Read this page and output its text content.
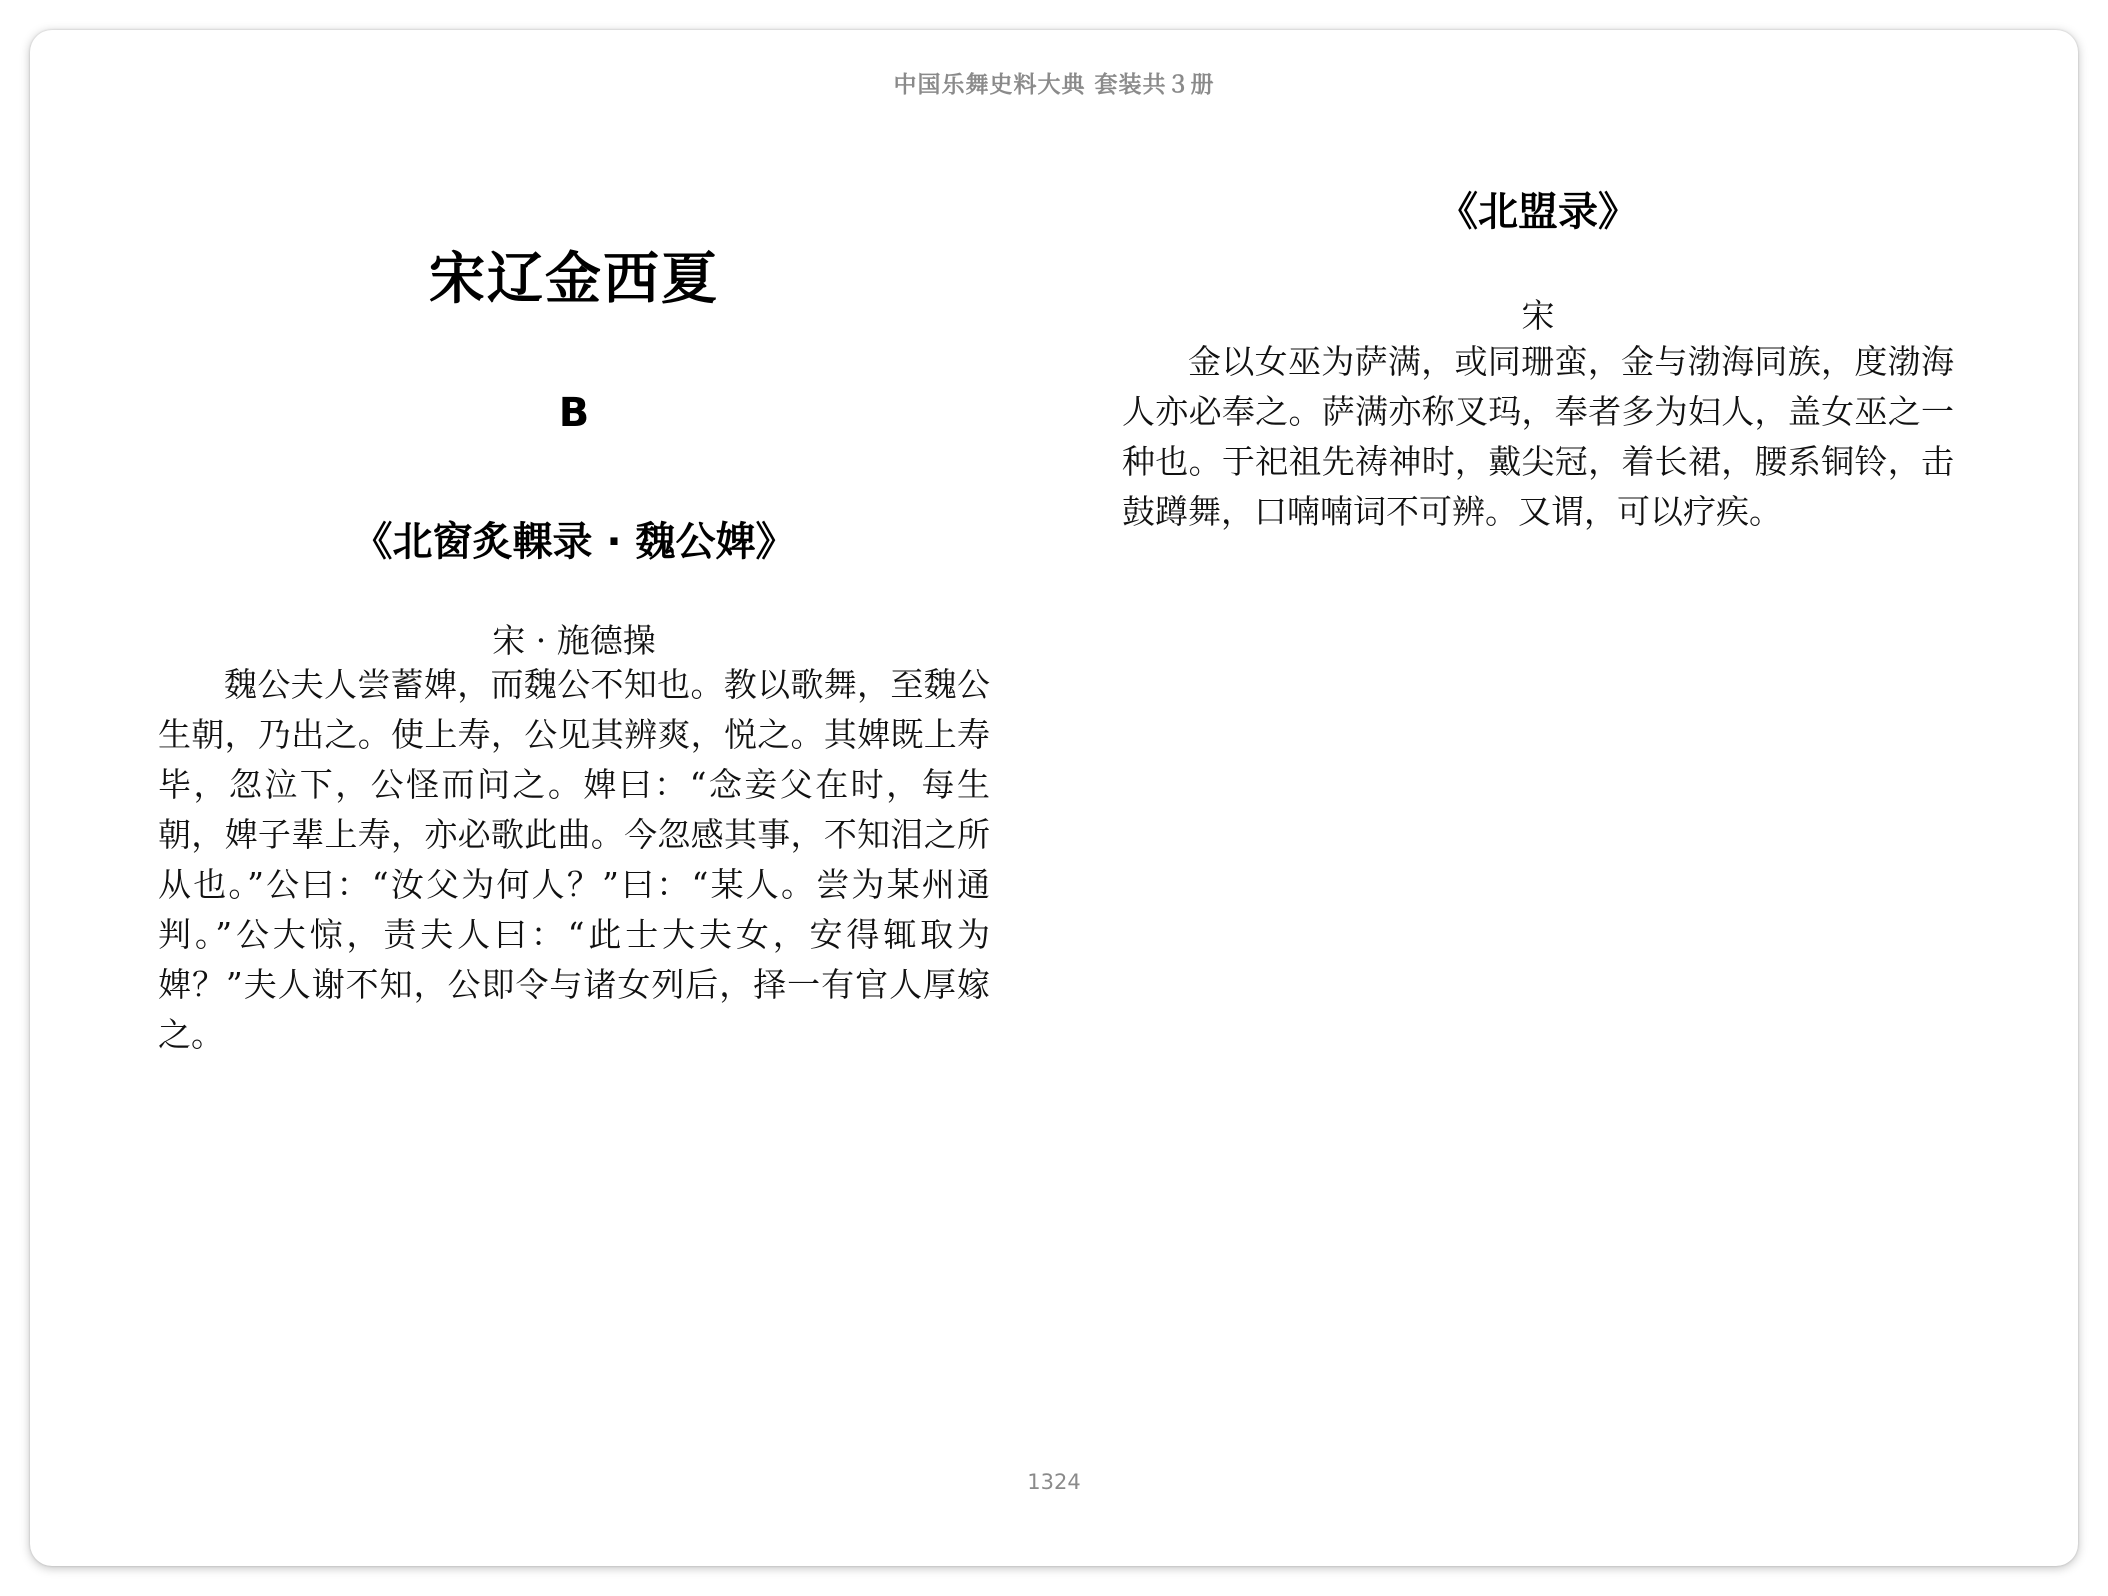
中国乐舞史料大典 套装共３册
宋辽金西夏
B
《北窗炙輠录 · 魏公婢》
宋 · 施德操

魏公夫人尝蓄婢，而魏公不知也。教以歌舞，至魏公生朝，乃出之。使上寿，公见其辨爽，悦之。其婢既上寿毕，忽泣下，公怪而问之。婢曰：“念妾父在时，每生朝，婢子辈上寿，亦必歌此曲。今忽感其事，不知泪之所从也。”公曰：“汝父为何人？”曰：“某人。尝为某州通判。”公大惊，责夫人曰：“此士大夫女，安得辄取为婢？”夫人谢不知，公即令与诸女列后，择一有官人厚嫁之。

《北盟录》
宋

金以女巫为萨满，或同珊蛮，金与渤海同族，度渤海人亦必奉之。萨满亦称叉玛，奉者多为妇人，盖女巫之一种也。于祀祖先祷神时，戴尖冠，着长裙，腰系铜铃，击鼓蹲舞，口喃喃词不可辨。又谓，可以疗疾。

1324
